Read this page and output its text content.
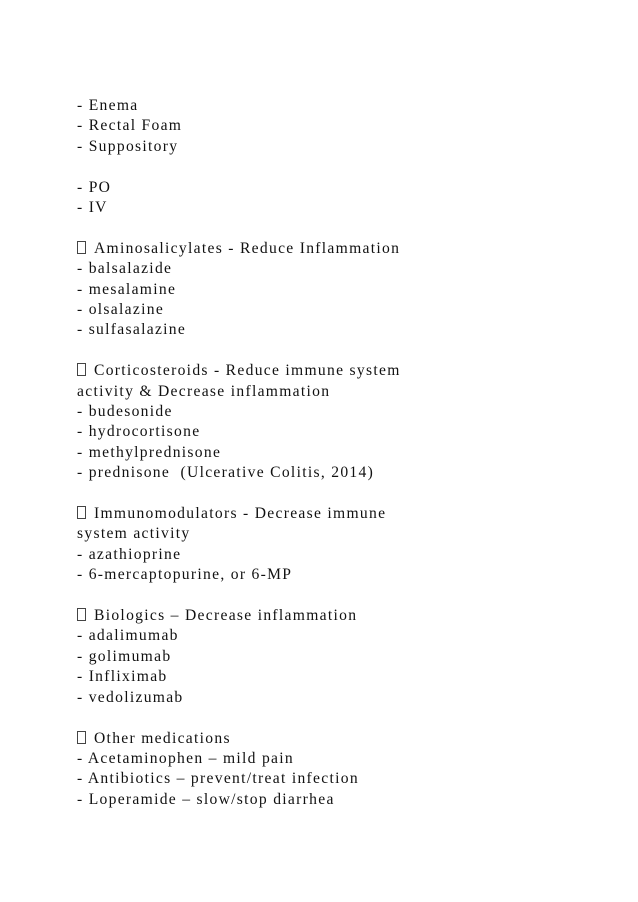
- Enema
- Rectal Foam
- Suppository
- PO
- IV
Aminosalicylates - Reduce Inflammation
- balsalazide
- mesalamine
- olsalazine
- sulfasalazine
Corticosteroids - Reduce immune system activity & Decrease inflammation
- budesonide
- hydrocortisone
- methylprednisone
- prednisone  (Ulcerative Colitis, 2014)
Immunomodulators - Decrease immune system activity
- azathioprine
- 6-mercaptopurine, or 6-MP
Biologics – Decrease inflammation
- adalimumab
- golimumab
- Infliximab
- vedolizumab
Other medications
- Acetaminophen – mild pain
- Antibiotics – prevent/treat infection
- Loperamide – slow/stop diarrhea
